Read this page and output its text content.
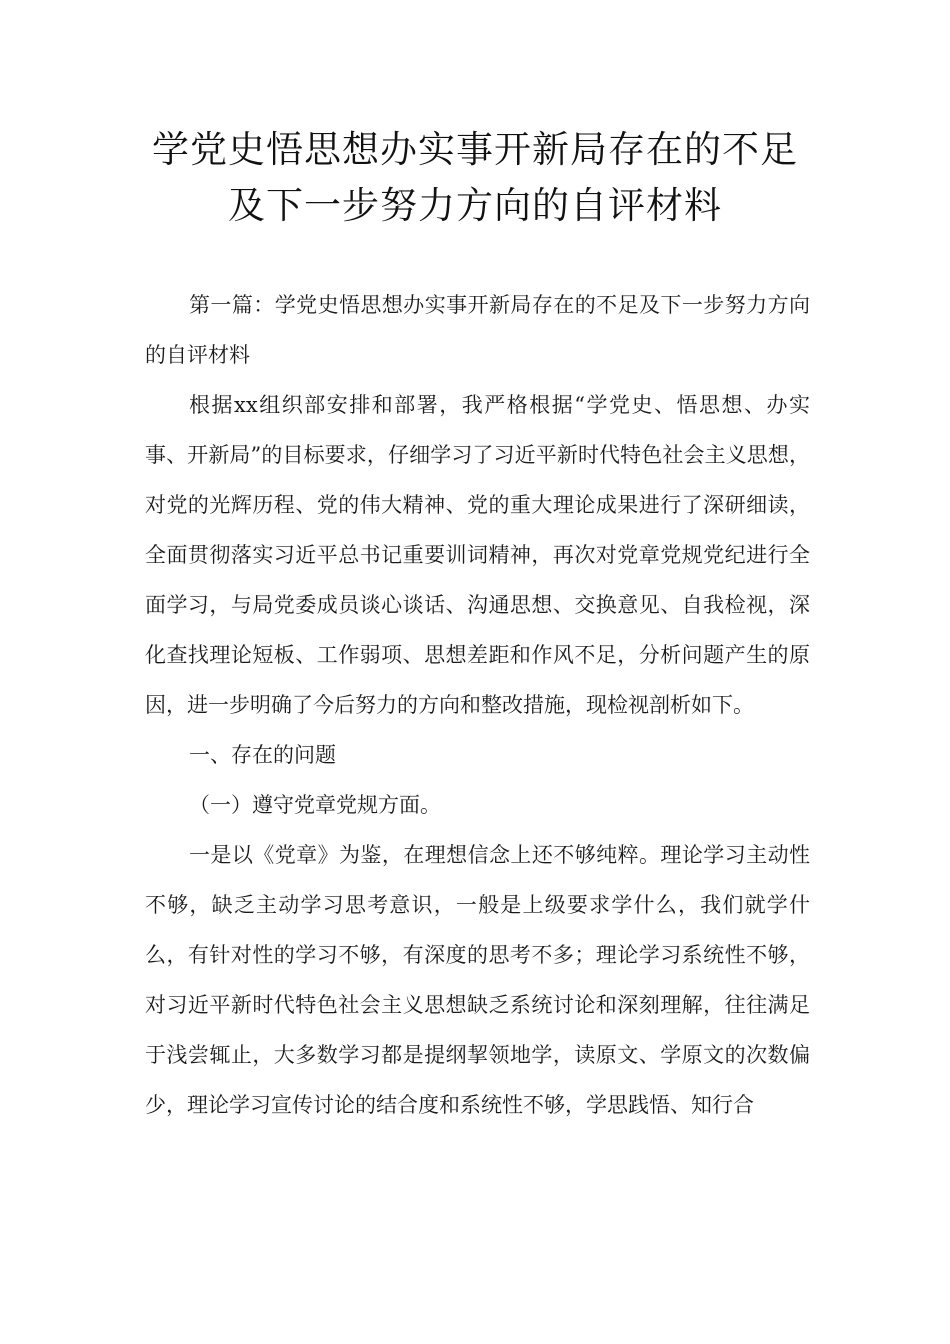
学党史悟思想办实事开新局存在的不足
及下一步努力方向的自评材料

第一篇：学党史悟思想办实事开新局存在的不足及下一步努力方向的自评材料

根据xx组织部安排和部署，我严格根据“学党史、悟思想、办实事、开新局”的目标要求，仔细学习了习近平新时代特色社会主义思想，对党的光辉历程、党的伟大精神、党的重大理论成果进行了深研细读，全面贯彻落实习近平总书记重要训词精神，再次对党章党规党纪进行全面学习，与局党委成员谈心谈话、沟通思想、交换意见、自我检视，深化查找理论短板、工作弱项、思想差距和作风不足，分析问题产生的原因，进一步明确了今后努力的方向和整改措施，现检视剖析如下。

一、存在的问题

（一）遵守党章党规方面。

一是以《党章》为鉴，在理想信念上还不够纯粹。理论学习主动性不够，缺乏主动学习思考意识，一般是上级要求学什么，我们就学什么，有针对性的学习不够，有深度的思考不多；理论学习系统性不够，对习近平新时代特色社会主义思想缺乏系统讨论和深刻理解，往往满足于浅尝辄止，大多数学习都是提纲挈领地学，读原文、学原文的次数偏少，理论学习宣传讨论的结合度和系统性不够，学思践悟、知行合
